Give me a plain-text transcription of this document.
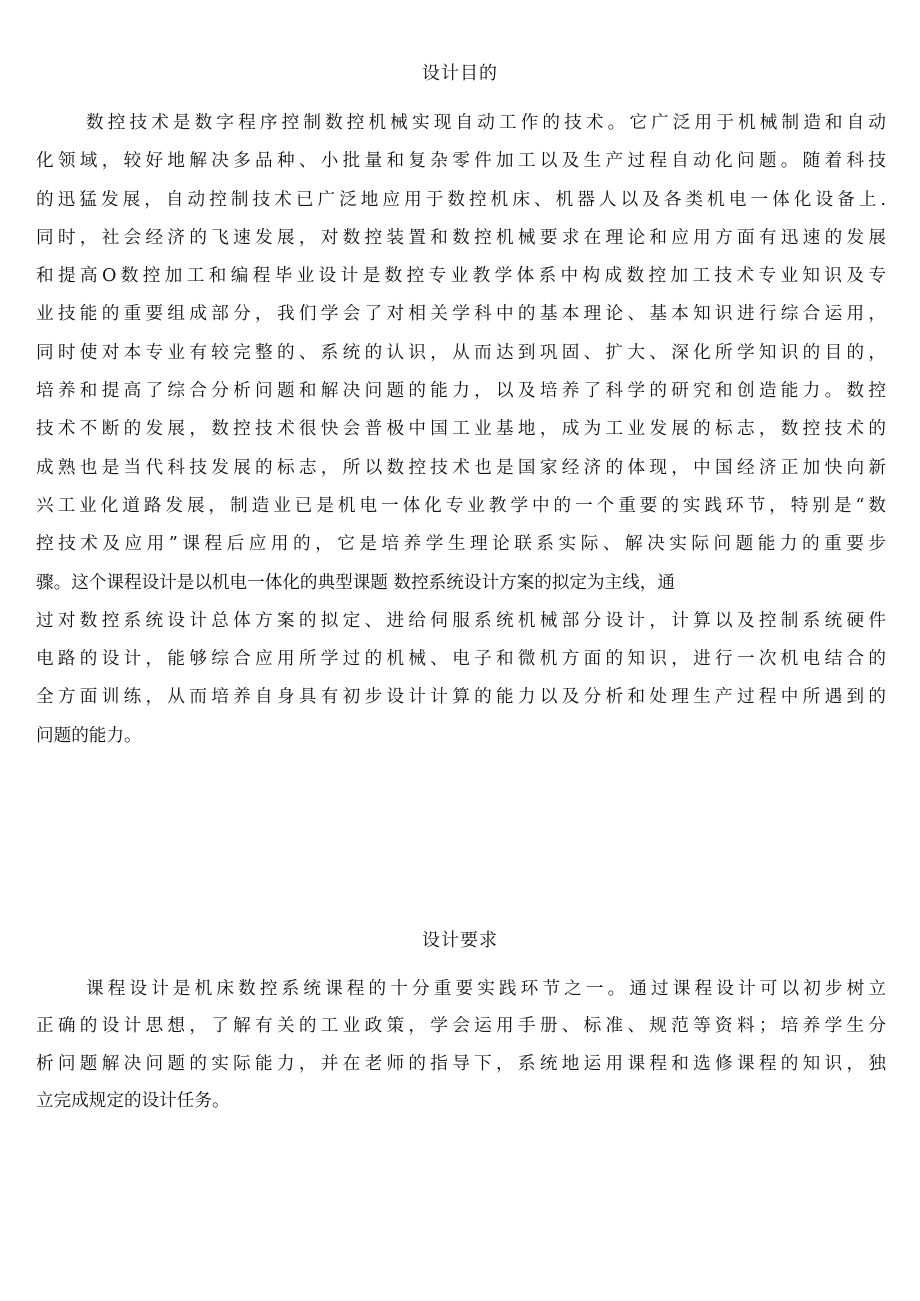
设计目的
数控技术是数字程序控制数控机械实现自动工作的技术。它广泛用于机械制造和自动
化领域，较好地解决多品种、小批量和复杂零件加工以及生产过程自动化问题。随着科技
的迅猛发展，自动控制技术已广泛地应用于数控机床、机器人以及各类机电一体化设备上.
同时，社会经济的飞速发展，对数控装置和数控机械要求在理论和应用方面有迅速的发展
和提高O数控加工和编程毕业设计是数控专业教学体系中构成数控加工技术专业知识及专
业技能的重要组成部分，我们学会了对相关学科中的基本理论、基本知识进行综合运用，
同时使对本专业有较完整的、系统的认识，从而达到巩固、扩大、深化所学知识的目的，
培养和提高了综合分析问题和解决问题的能力，以及培养了科学的研究和创造能力。数控
技术不断的发展，数控技术很快会普极中国工业基地，成为工业发展的标志，数控技术的
成熟也是当代科技发展的标志，所以数控技术也是国家经济的体现，中国经济正加快向新
兴工业化道路发展，制造业已是机电一体化专业教学中的一个重要的实践环节，特别是“数
控技术及应用”课程后应用的，它是培养学生理论联系实际、解决实际问题能力的重要步
骤。这个课程设计是以机电一体化的典型课题 数控系统设计方案的拟定为主线，通
过对数控系统设计总体方案的拟定、进给伺服系统机械部分设计，计算以及控制系统硬件
电路的设计，能够综合应用所学过的机械、电子和微机方面的知识，进行一次机电结合的
全方面训练，从而培养自身具有初步设计计算的能力以及分析和处理生产过程中所遇到的
问题的能力。
设计要求
课程设计是机床数控系统课程的十分重要实践环节之一。通过课程设计可以初步树立
正确的设计思想，了解有关的工业政策，学会运用手册、标准、规范等资料；培养学生分
析问题解决问题的实际能力，并在老师的指导下，系统地运用课程和选修课程的知识，独
立完成规定的设计任务。
